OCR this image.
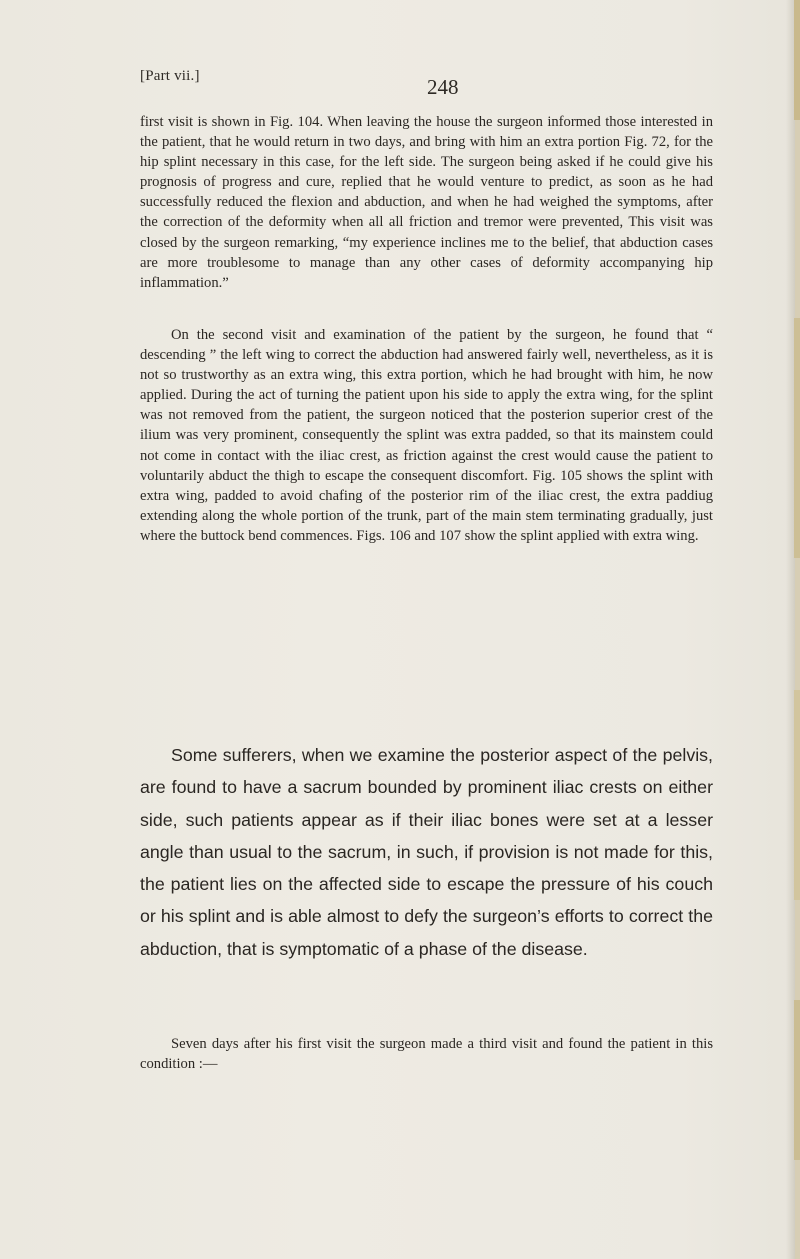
[Part vii.]	248

first visit is shown in Fig. 104. When leaving the house the surgeon informed those interested in the patient, that he would return in two days, and bring with him an extra portion Fig. 72, for the hip splint necessary in this case, for the left side. The surgeon being asked if he could give his prognosis of progress and cure, replied that he would venture to predict, as soon as he had successfully reduced the flexion and abduction, and when he had weighed the symptoms, after the correction of the deformity when all all friction and tremor were prevented, This visit was closed by the surgeon remarking, “my experience inclines me to the belief, that abduction cases are more troublesome to manage than any other cases of deformity accompanying hip inflammation.”

On the second visit and examination of the patient by the surgeon, he found that “ descending ” the left wing to correct the abduction had answered fairly well, nevertheless, as it is not so trustworthy as an extra wing, this extra portion, which he had brought with him, he now applied. During the act of turning the patient upon his side to apply the extra wing, for the splint was not removed from the patient, the surgeon noticed that the posterion superior crest of the ilium was very prominent, consequently the splint was extra padded, so that its mainstem could not come in contact with the iliac crest, as friction against the crest would cause the patient to voluntarily abduct the thigh to escape the consequent discomfort. Fig. 105 shows the splint with extra wing, padded to avoid chafing of the posterior rim of the iliac crest, the extra paddiug extending along the whole portion of the trunk, part of the main stem terminating gradually, just where the buttock bend commences. Figs. 106 and 107 show the splint applied with extra wing.

Some sufferers, when we examine the posterior aspect of the pelvis, are found to have a sacrum bounded by prominent iliac crests on either side, such patients appear as if their iliac bones were set at a lesser angle than usual to the sacrum, in such, if provision is not made for this, the patient lies on the affected side to escape the pressure of his couch or his splint and is able almost to defy the surgeon’s efforts to correct the abduction, that is symptomatic of a phase of the disease.

Seven days after his first visit the surgeon made a third visit and found the patient in this condition :—
